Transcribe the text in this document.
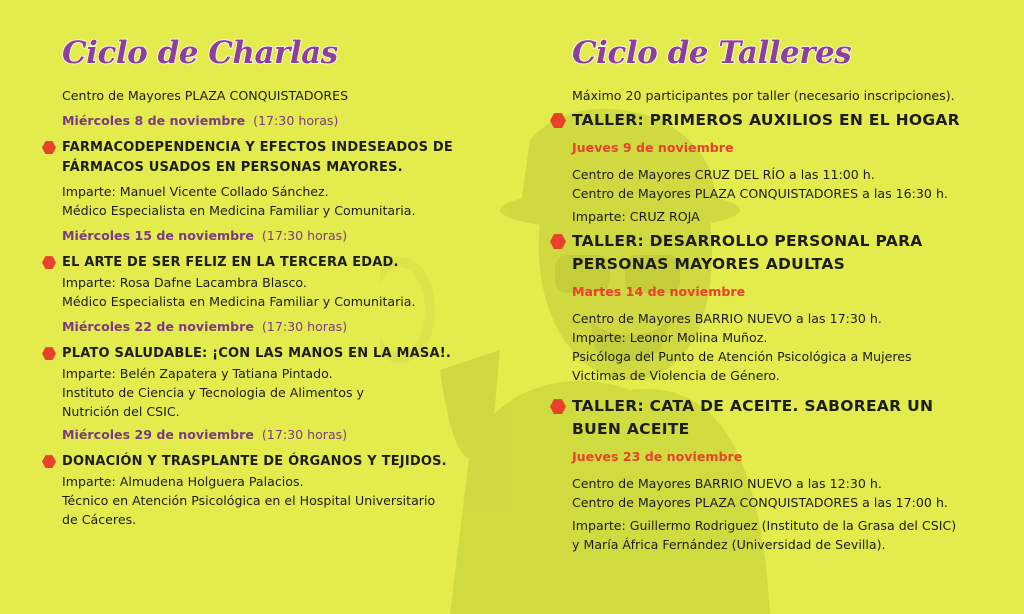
Ciclo de Charlas
Centro de Mayores PLAZA CONQUISTADORES
Miércoles 8 de noviembre (17:30 horas)
FARMACODEPENDENCIA Y EFECTOS INDESEADOS DE
FÁRMACOS USADOS EN PERSONAS MAYORES.
Imparte: Manuel Vicente Collado Sánchez.
Médico Especialista en Medicina Familiar y Comunitaria.
Miércoles 15 de noviembre (17:30 horas)
EL ARTE DE SER FELIZ EN LA TERCERA EDAD.
Imparte: Rosa Dafne Lacambra Blasco.
Médico Especialista en Medicina Familiar y Comunitaria.
Miércoles 22 de noviembre (17:30 horas)
PLATO SALUDABLE: ¡CON LAS MANOS EN LA MASA!.
Imparte: Belén Zapatera y Tatiana Pintado.
Instituto de Ciencia y Tecnologia de Alimentos y
Nutrición del CSIC.
Miércoles 29 de noviembre (17:30 horas)
DONACIÓN Y TRASPLANTE DE ÓRGANOS Y TEJIDOS.
Imparte: Almudena Holguera Palacios.
Técnico en Atención Psicológica en el Hospital Universitario
de Cáceres.
Ciclo de Talleres
Máximo 20 participantes por taller (necesario inscripciones).
TALLER: PRIMEROS AUXILIOS EN EL HOGAR
Jueves 9 de noviembre
Centro de Mayores CRUZ DEL RÍO a las 11:00 h.
Centro de Mayores PLAZA CONQUISTADORES a las 16:30 h.
Imparte: CRUZ ROJA
TALLER: DESARROLLO PERSONAL PARA
PERSONAS MAYORES ADULTAS
Martes 14 de noviembre
Centro de Mayores BARRIO NUEVO a las 17:30 h.
Imparte: Leonor Molina Muñoz.
Psicóloga del Punto de Atención Psicológica a Mujeres
Victimas de Violencia de Género.
TALLER: CATA DE ACEITE. SABOREAR UN
BUEN ACEITE
Jueves 23 de noviembre
Centro de Mayores BARRIO NUEVO a las 12:30 h.
Centro de Mayores PLAZA CONQUISTADORES a las 17:00 h.
Imparte: Guillermo Rodriguez (Instituto de la Grasa del CSIC)
y María África Fernández (Universidad de Sevilla).
